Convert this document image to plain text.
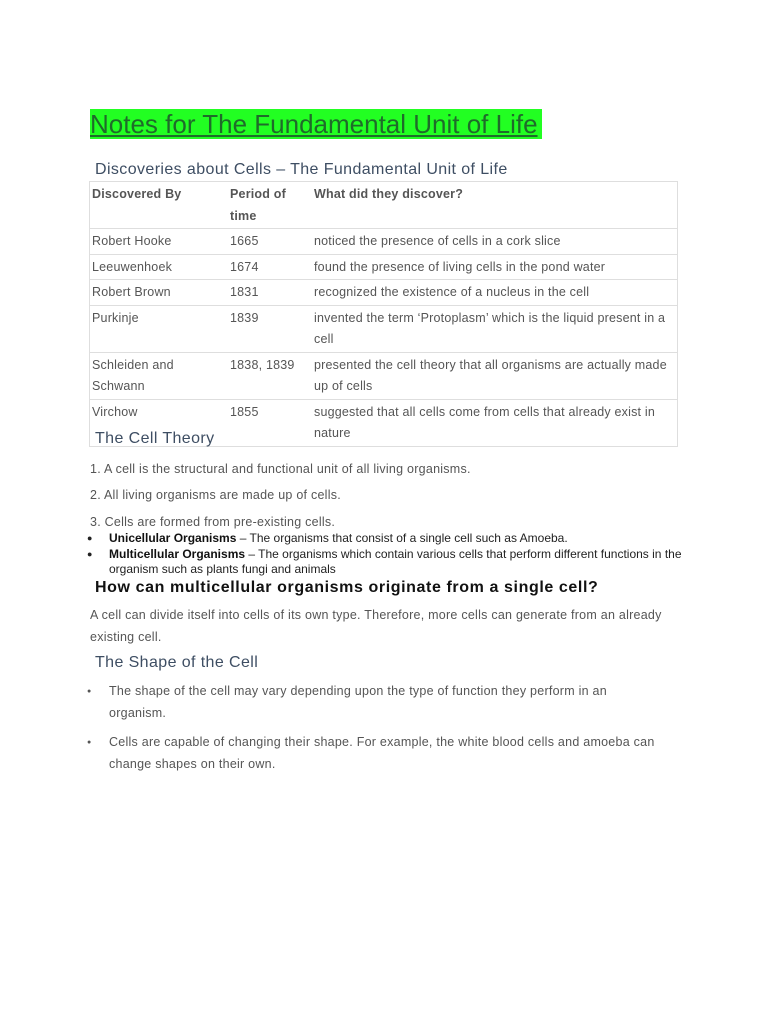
Notes for The Fundamental Unit of Life
Discoveries about Cells – The Fundamental Unit of Life
Discovered By	Period of time	What did they discover?
Robert Hooke	1665	noticed the presence of cells in a cork slice
Leeuwenhoek	1674	found the presence of living cells in the pond water
Robert Brown	1831	recognized the existence of a nucleus in the cell
Purkinje	1839	invented the term ‘Protoplasm’ which is the liquid present in a cell
Schleiden and Schwann	1838, 1839	presented the cell theory that all organisms are actually made up of cells
Virchow	1855	suggested that all cells come from cells that already exist in nature
The Cell Theory
1. A cell is the structural and functional unit of all living organisms.
2. All living organisms are made up of cells.
3. Cells are formed from pre-existing cells.
● Unicellular Organisms – The organisms that consist of a single cell such as Amoeba.
● Multicellular Organisms – The organisms which contain various cells that perform different functions in the organism such as plants fungi and animals
How can multicellular organisms originate from a single cell?
A cell can divide itself into cells of its own type. Therefore, more cells can generate from an already existing cell.
The Shape of the Cell
● The shape of the cell may vary depending upon the type of function they perform in an organism.
● Cells are capable of changing their shape. For example, the white blood cells and amoeba can change shapes on their own.
